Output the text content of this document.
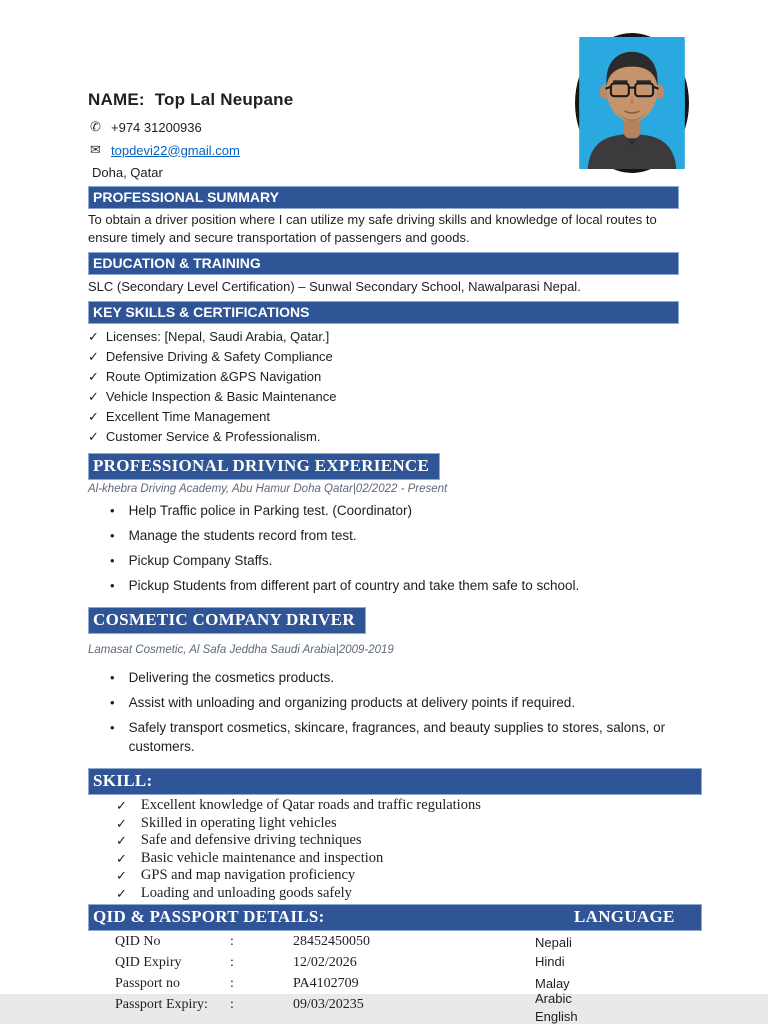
NAME: Top Lal Neupane
✆ +974 31200936
✉ topdevi22@gmail.com
Doha, Qatar
PROFESSIONAL SUMMARY
To obtain a driver position where I can utilize my safe driving skills and knowledge of local routes to ensure timely and secure transportation of passengers and goods.
EDUCATION & TRAINING
SLC (Secondary Level Certification) – Sunwal Secondary School, Nawalparasi Nepal.
KEY SKILLS & CERTIFICATIONS
✓ Licenses: [Nepal, Saudi Arabia, Qatar.]
✓ Defensive Driving & Safety Compliance
✓ Route Optimization &GPS Navigation
✓ Vehicle Inspection & Basic Maintenance
✓ Excellent Time Management
✓ Customer Service & Professionalism.
PROFESSIONAL DRIVING EXPERIENCE
Al-khebra Driving Academy, Abu Hamur Doha Qatar|02/2022 - Present
• Help Traffic police in Parking test. (Coordinator)
• Manage the students record from test.
• Pickup Company Staffs.
• Pickup Students from different part of country and take them safe to school.
COSMETIC COMPANY DRIVER
Lamasat Cosmetic, Al Safa Jeddha Saudi Arabia|2009-2019
• Delivering the cosmetics products.
• Assist with unloading and organizing products at delivery points if required.
• Safely transport cosmetics, skincare, fragrances, and beauty supplies to stores, salons, or customers.
SKILL:
✓ Excellent knowledge of Qatar roads and traffic regulations
✓ Skilled in operating light vehicles
✓ Safe and defensive driving techniques
✓ Basic vehicle maintenance and inspection
✓ GPS and map navigation proficiency
✓ Loading and unloading goods safely
QID & PASSPORT DETAILS:	LANGUAGE
QID No	:	28452450050
QID Expiry	:	12/02/2026
Passport no	:	PA4102709
Passport Expiry:	:	09/03/20235
Nepali
Hindi
Malay
Arabic
English
